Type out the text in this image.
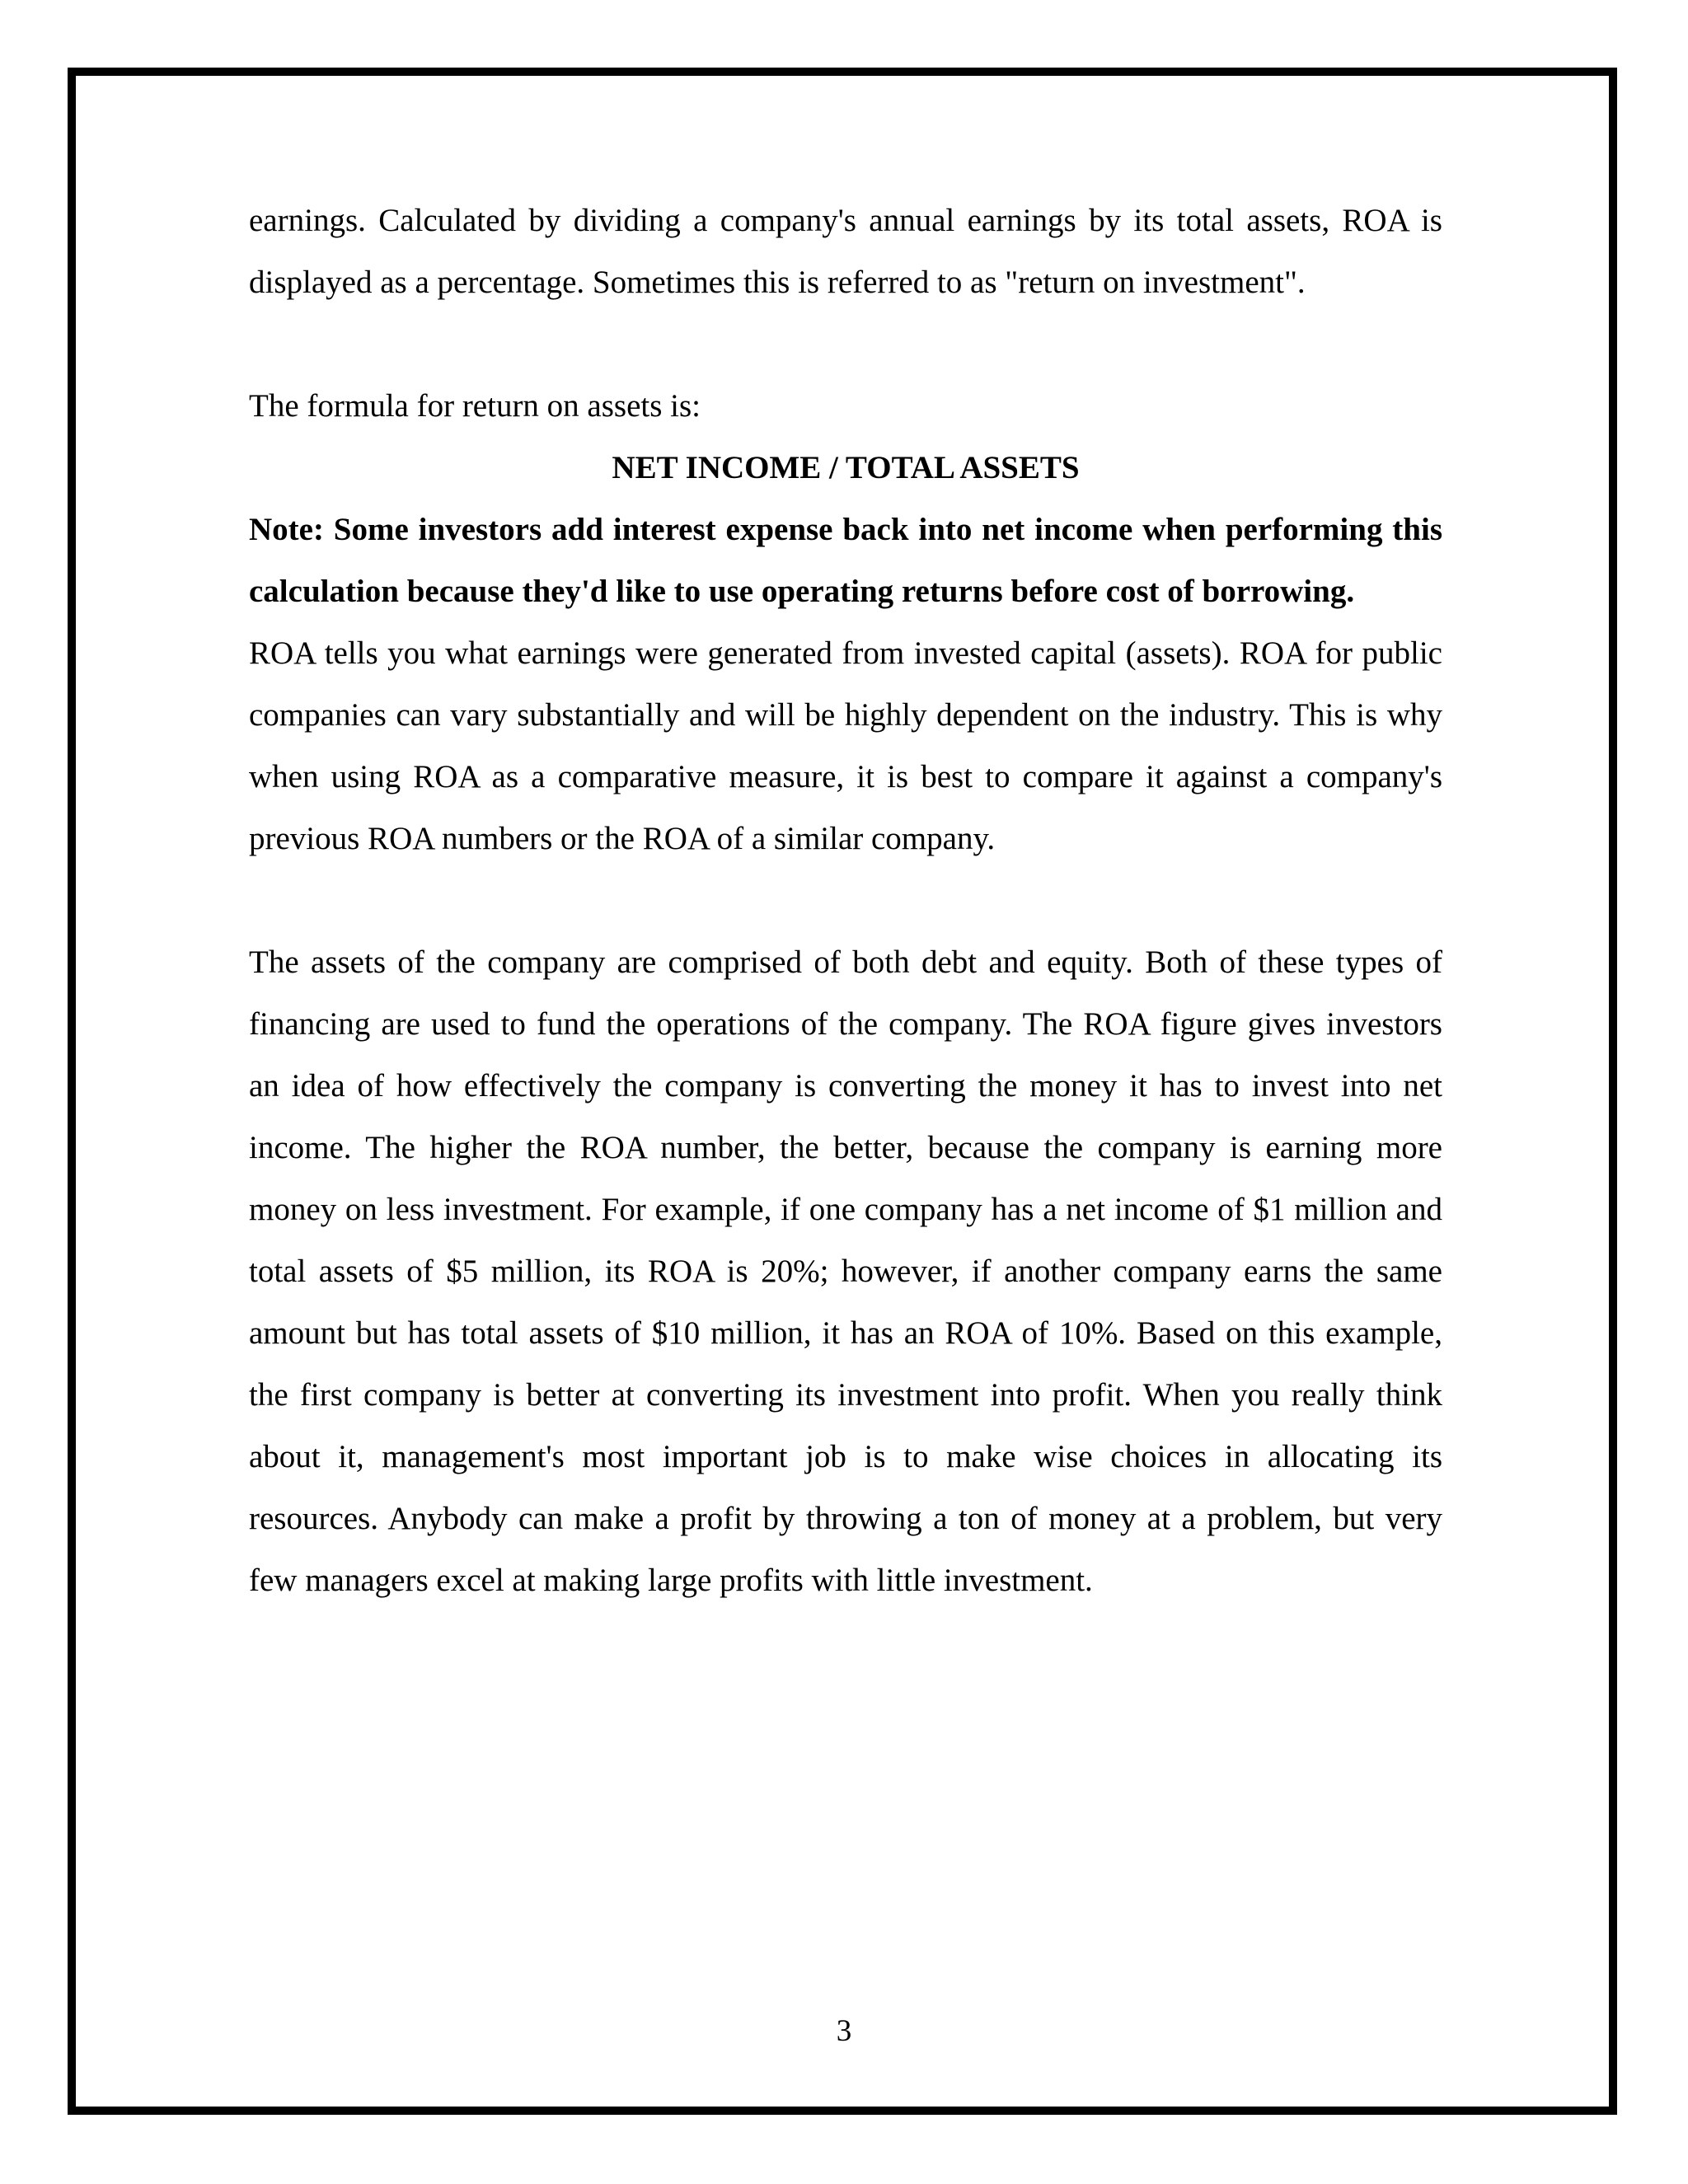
earnings. Calculated by dividing a company's annual earnings by its total assets, ROA is displayed as a percentage. Sometimes this is referred to as "return on investment".

The formula for return on assets is:

NET INCOME / TOTAL ASSETS

Note: Some investors add interest expense back into net income when performing this calculation because they'd like to use operating returns before cost of borrowing.

ROA tells you what earnings were generated from invested capital (assets). ROA for public companies can vary substantially and will be highly dependent on the industry. This is why when using ROA as a comparative measure, it is best to compare it against a company's previous ROA numbers or the ROA of a similar company.

The assets of the company are comprised of both debt and equity. Both of these types of financing are used to fund the operations of the company. The ROA figure gives investors an idea of how effectively the company is converting the money it has to invest into net income. The higher the ROA number, the better, because the company is earning more money on less investment. For example, if one company has a net income of $1 million and total assets of $5 million, its ROA is 20%; however, if another company earns the same amount but has total assets of $10 million, it has an ROA of 10%. Based on this example, the first company is better at converting its investment into profit. When you really think about it, management's most important job is to make wise choices in allocating its resources. Anybody can make a profit by throwing a ton of money at a problem, but very few managers excel at making large profits with little investment.

3
